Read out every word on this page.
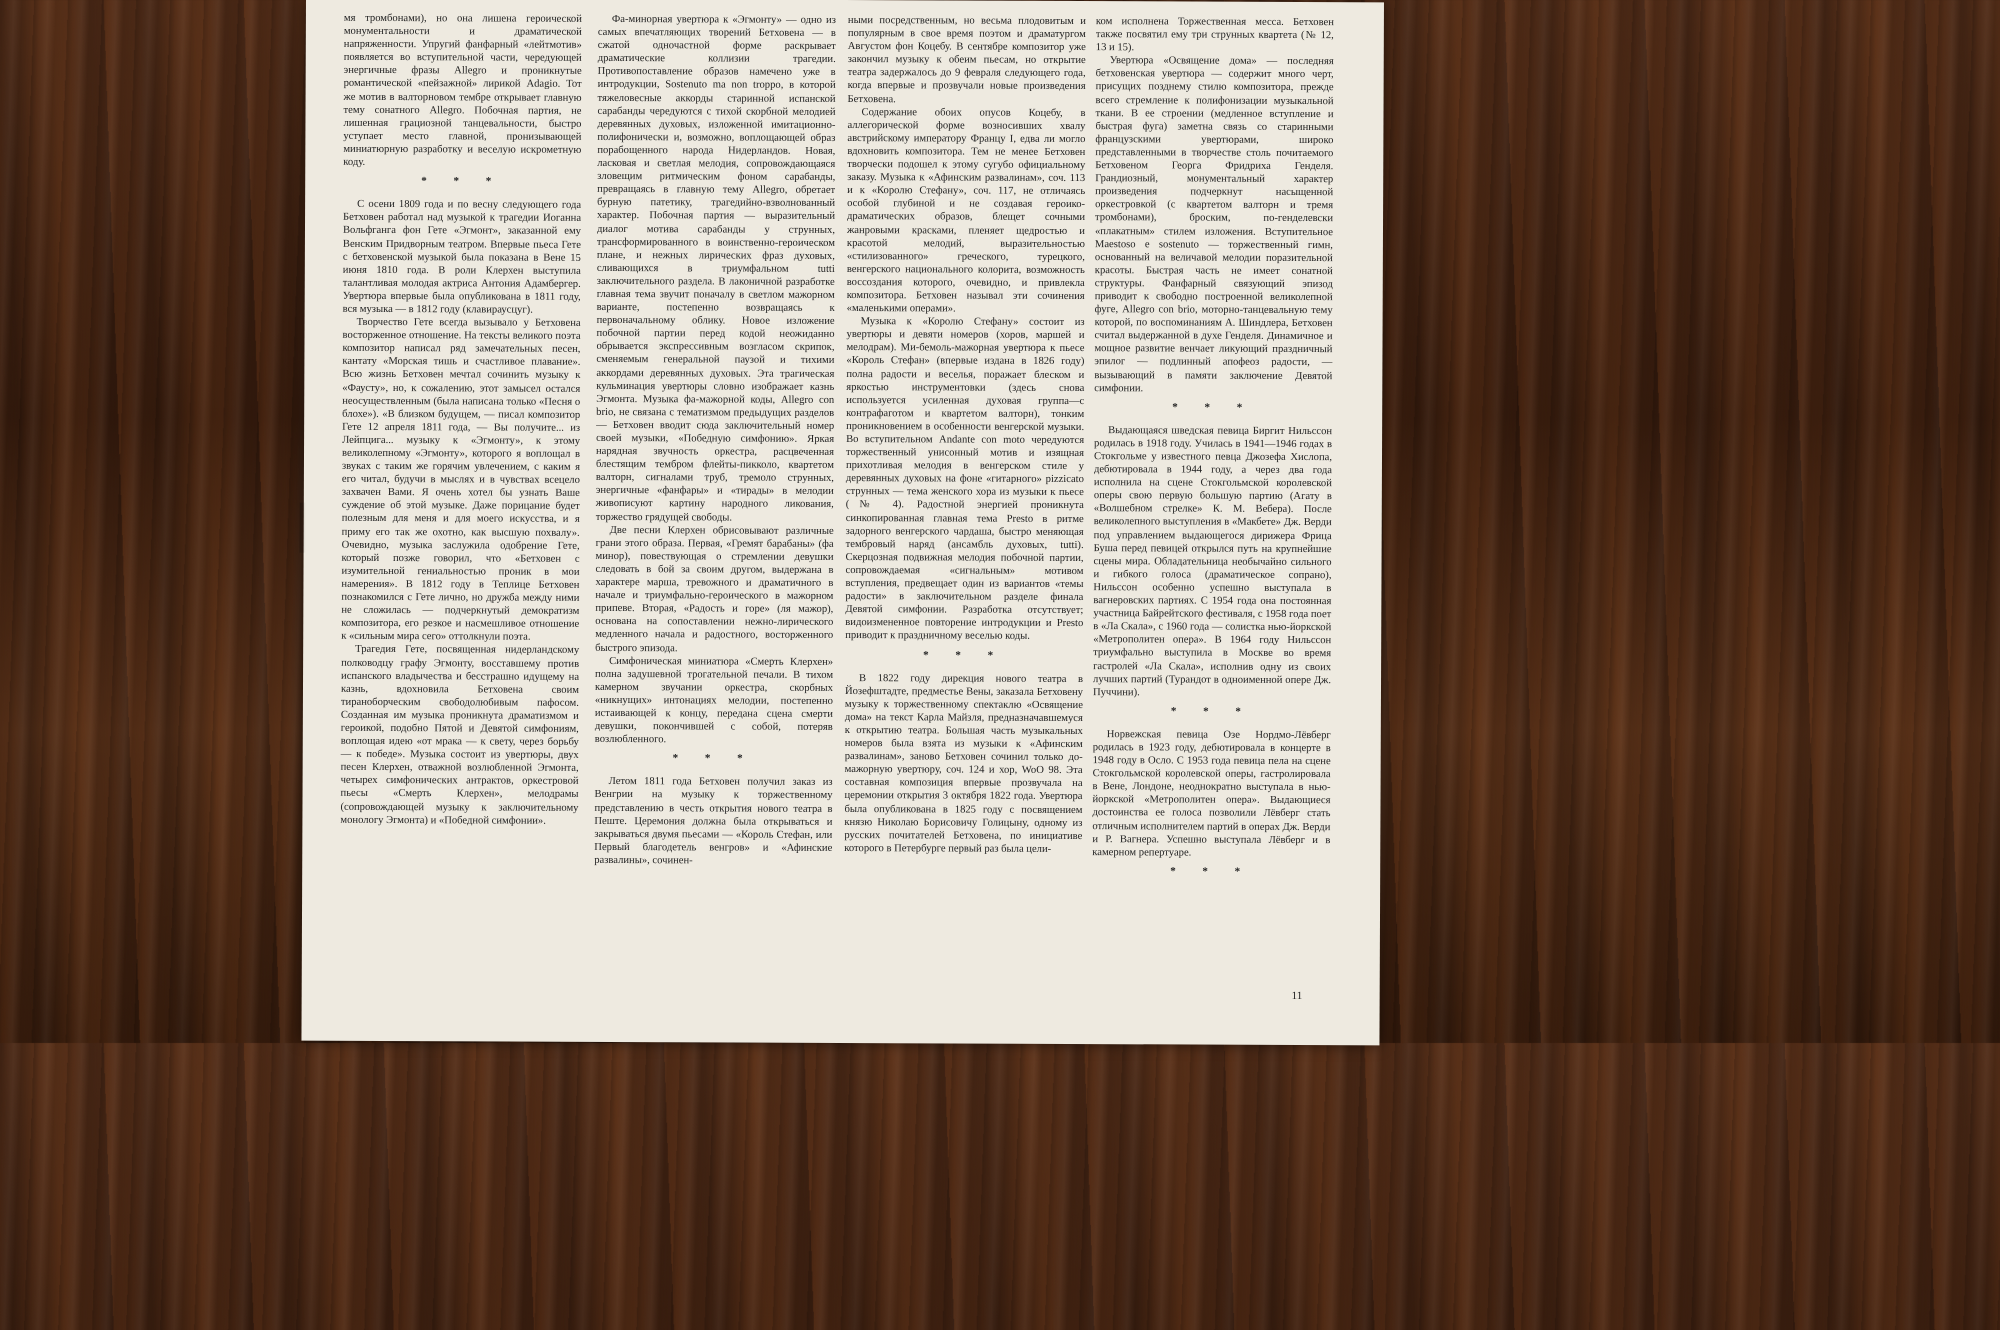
мя тромбонами), но она лишена героической монументальности и драматической напряженности. Упругий фанфарный «лейтмотив» появляется во вступительной части, чередующей энергичные фразы Allegro и проникнутые романтической «пейзажной» лирикой Adagio. Тот же мотив в валторновом тембре открывает главную тему сонатного Allegro. Побочная партия, не лишенная грациозной танцевальности, быстро уступает место главной, пронизывающей миниатюрную разработку и веселую искрометную коду.

* * *

С осени 1809 года и по весну следующего года Бетховен работал над музыкой к трагедии Иоганна Вольфганга фон Гете «Эгмонт», заказанной ему Венским Придворным театром. Впервые пьеса Гете с бетховенской музыкой была показана в Вене 15 июня 1810 года. В роли Клерхен выступила талантливая молодая актриса Антония Адамбергер. Увертюра впервые была опубликована в 1811 году, вся музыка — в 1812 году (клавираусцуг).

Творчество Гете всегда вызывало у Бетховена восторженное отношение. На тексты великого поэта композитор написал ряд замечательных песен, кантату «Морская тишь и счастливое плавание». Всю жизнь Бетховен мечтал сочинить музыку к «Фаусту», но, к сожалению, этот замысел остался неосуществленным (была написана только «Песня о блохе»). «В близком будущем, — писал композитор Гете 12 апреля 1811 года, — Вы получите... из Лейпцига... музыку к «Эгмонту», к этому великолепному «Эгмонту», которого я воплощал в звуках с таким же горячим увлечением, с каким я его читал, будучи в мыслях и в чувствах всецело захвачен Вами. Я очень хотел бы узнать Ваше суждение об этой музыке. Даже порицание будет полезным для меня и для моего искусства, и я приму его так же охотно, как высшую похвалу». Очевидно, музыка заслужила одобрение Гете, который позже говорил, что «Бетховен с изумительной гениальностью проник в мои намерения». В 1812 году в Теплице Бетховен познакомился с Гете лично, но дружба между ними не сложилась — подчеркнутый демократизм композитора, его резкое и насмешливое отношение к «сильным мира сего» оттолкнули поэта.

Трагедия Гете, посвященная нидерландскому полководцу графу Эгмонту, восставшему против испанского владычества и бесстрашно идущему на казнь, вдохновила Бетховена своим тираноборческим свободолюбивым пафосом. Созданная им музыка проникнута драматизмом и героикой, подобно Пятой и Девятой симфониям, воплощая идею «от мрака — к свету, через борьбу — к победе». Музыка состоит из увертюры, двух песен Клерхен, отважной возлюбленной Эгмонта, четырех симфонических антрактов, оркестровой пьесы «Смерть Клерхен», мелодрамы (сопровождающей музыку к заключительному монологу Эгмонта) и «Победной симфонии».

Фа-минорная увертюра к «Эгмонту» — одно из самых впечатляющих творений Бетховена — в сжатой одночастной форме раскрывает драматические коллизии трагедии. Противопоставление образов намечено уже в интродукции, Sostenuto ma non troppo, в которой тяжеловесные аккорды старинной испанской сарабанды чередуются с тихой скорбной мелодией деревянных духовых, изложенной имитационно-полифонически и, возможно, воплощающей образ порабощенного народа Нидерландов. Новая, ласковая и светлая мелодия, сопровождающаяся зловещим ритмическим фоном сарабанды, превращаясь в главную тему Allegro, обретает бурную патетику, трагедийно-взволнованный характер. Побочная партия — выразительный диалог мотива сарабанды у струнных, трансформированного в воинственно-героическом плане, и нежных лирических фраз духовых, сливающихся в триумфальном tutti заключительного раздела. В лаконичной разработке главная тема звучит поначалу в светлом мажорном варианте, постепенно возвращаясь к первоначальному облику. Новое изложение побочной партии перед кодой неожиданно обрывается экспрессивным возгласом скрипок, сменяемым генеральной паузой и тихими аккордами деревянных духовых. Эта трагическая кульминация увертюры словно изображает казнь Эгмонта. Музыка фа-мажорной коды, Allegro con brio, не связана с тематизмом предыдущих разделов — Бетховен вводит сюда заключительный номер своей музыки, «Победную симфонию». Яркая нарядная звучность оркестра, расцвеченная блестящим тембром флейты-пикколо, квартетом валторн, сигналами труб, тремоло струнных, энергичные «фанфары» и «тирады» в мелодии живописуют картину народного ликования, торжество грядущей свободы.

Две песни Клерхен обрисовывают различные грани этого образа. Первая, «Гремят барабаны» (фа минор), повествующая о стремлении девушки следовать в бой за своим другом, выдержана в характере марша, тревожного и драматичного в начале и триумфально-героического в мажорном припеве. Вторая, «Радость и горе» (ля мажор), основана на сопоставлении нежно-лирического медленного начала и радостного, восторженного быстрого эпизода.

Симфоническая миниатюра «Смерть Клерхен» полна задушевной трогательной печали. В тихом камерном звучании оркестра, скорбных «никнущих» интонациях мелодии, постепенно истаивающей к концу, передана сцена смерти девушки, покончившей с собой, потеряв возлюбленного.

* * *

Летом 1811 года Бетховен получил заказ из Венгрии на музыку к торжественному представлению в честь открытия нового театра в Пеште. Церемония должна была открываться и закрываться двумя пьесами — «Король Стефан, или Первый благодетель венгров» и «Афинские развалины», сочинен-

ными посредственным, но весьма плодовитым и популярным в свое время поэтом и драматургом Августом фон Коцебу. В сентябре композитор уже закончил музыку к обеим пьесам, но открытие театра задержалось до 9 февраля следующего года, когда впервые и прозвучали новые произведения Бетховена.

Содержание обоих опусов Коцебу, в аллегорической форме возносивших хвалу австрийскому императору Францу I, едва ли могло вдохновить композитора. Тем не менее Бетховен творчески подошел к этому сугубо официальному заказу. Музыка к «Афинским развалинам», соч. 113 и к «Королю Стефану», соч. 117, не отличаясь особой глубиной и не создавая героико-драматических образов, блещет сочными жанровыми красками, пленяет щедростью и красотой мелодий, выразительностью «стилизованного» греческого, турецкого, венгерского национального колорита, возможность воссоздания которого, очевидно, и привлекла композитора. Бетховен называл эти сочинения «маленькими операми».

Музыка к «Королю Стефану» состоит из увертюры и девяти номеров (хоров, маршей и мелодрам). Ми-бемоль-мажорная увертюра к пьесе «Король Стефан» (впервые издана в 1826 году) полна радости и веселья, поражает блеском и яркостью инструментовки (здесь снова используется усиленная духовая группа—с контрафаготом и квартетом валторн), тонким проникновением в особенности венгерской музыки. Во вступительном Andante con moto чередуются торжественный унисонный мотив и изящная прихотливая мелодия в венгерском стиле у деревянных духовых на фоне «гитарного» pizzicato струнных — тема женского хора из музыки к пьесе (№ 4). Радостной энергией проникнута синкопированная главная тема Presto в ритме задорного венгерского чардаша, быстро меняющая тембровый наряд (ансамбль духовых, tutti). Скерцозная подвижная мелодия побочной партии, сопровождаемая «сигнальным» мотивом вступления, предвещает один из вариантов «темы радости» в заключительном разделе финала Девятой симфонии. Разработка отсутствует; видоизмененное повторение интродукции и Presto приводит к праздничному веселью коды.

* * *

В 1822 году дирекция нового театра в Йозефштадте, предместье Вены, заказала Бетховену музыку к торжественному спектаклю «Освящение дома» на текст Карла Майзля, предназначавшемуся к открытию театра. Большая часть музыкальных номеров была взята из музыки к «Афинским развалинам», заново Бетховен сочинил только до-мажорную увертюру, соч. 124 и хор, WoO 98. Эта составная композиция впервые прозвучала на церемонии открытия 3 октября 1822 года. Увертюра была опубликована в 1825 году с посвящением князю Николаю Борисовичу Голицыну, одному из русских почитателей Бетховена, по инициативе которого в Петербурге первый раз была цели-

ком исполнена Торжественная месса. Бетховен также посвятил ему три струнных квартета (№ 12, 13 и 15).

Увертюра «Освящение дома» — последняя бетховенская увертюра — содержит много черт, присущих позднему стилю композитора, прежде всего стремление к полифонизации музыкальной ткани. В ее строении (медленное вступление и быстрая фуга) заметна связь со старинными французскими увертюрами, широко представленными в творчестве столь почитаемого Бетховеном Георга Фридриха Генделя. Грандиозный, монументальный характер произведения подчеркнут насыщенной оркестровкой (с квартетом валторн и тремя тромбонами), броским, по-генделевски «плакатным» стилем изложения. Вступительное Maestoso e sostenuto — торжественный гимн, основанный на величавой мелодии поразительной красоты. Быстрая часть не имеет сонатной структуры. Фанфарный связующий эпизод приводит к свободно построенной великолепной фуге, Allegro con brio, моторно-танцевальную тему которой, по воспоминаниям А. Шиндлера, Бетховен считал выдержанной в духе Генделя. Динамичное и мощное развитие венчает ликующий праздничный эпилог — подлинный апофеоз радости, — вызывающий в памяти заключение Девятой симфонии.

* * *

Выдающаяся шведская певица Биргит Нильссон родилась в 1918 году. Училась в 1941—1946 годах в Стокгольме у известного певца Джозефа Хислопа, дебютировала в 1944 году, а через два года исполнила на сцене Стокгольмской королевской оперы свою первую большую партию (Агату в «Волшебном стрелке» К. М. Вебера). После великолепного выступления в «Макбете» Дж. Верди под управлением выдающегося дирижера Фрица Буша перед певицей открылся путь на крупнейшие сцены мира. Обладательница необычайно сильного и гибкого голоса (драматическое сопрано), Нильссон особенно успешно выступала в вагнеровских партиях. С 1954 года она постоянная участница Байрейтского фестиваля, с 1958 года поет в «Ла Скала», с 1960 года — солистка нью-йоркской «Метрополитен опера». В 1964 году Нильссон триумфально выступила в Москве во время гастролей «Ла Скала», исполнив одну из своих лучших партий (Турандот в одноименной опере Дж. Пуччини).

* * *

Норвежская певица Озе Нордмо-Лёвберг родилась в 1923 году, дебютировала в концерте в 1948 году в Осло. С 1953 года певица пела на сцене Стокгольмской королевской оперы, гастролировала в Вене, Лондоне, неоднократно выступала в нью-йоркской «Метрополитен опера». Выдающиеся достоинства ее голоса позволили Лёвберг стать отличным исполнителем партий в операх Дж. Верди и Р. Вагнера. Успешно выступала Лёвберг и в камерном репертуаре.

* * *
11
